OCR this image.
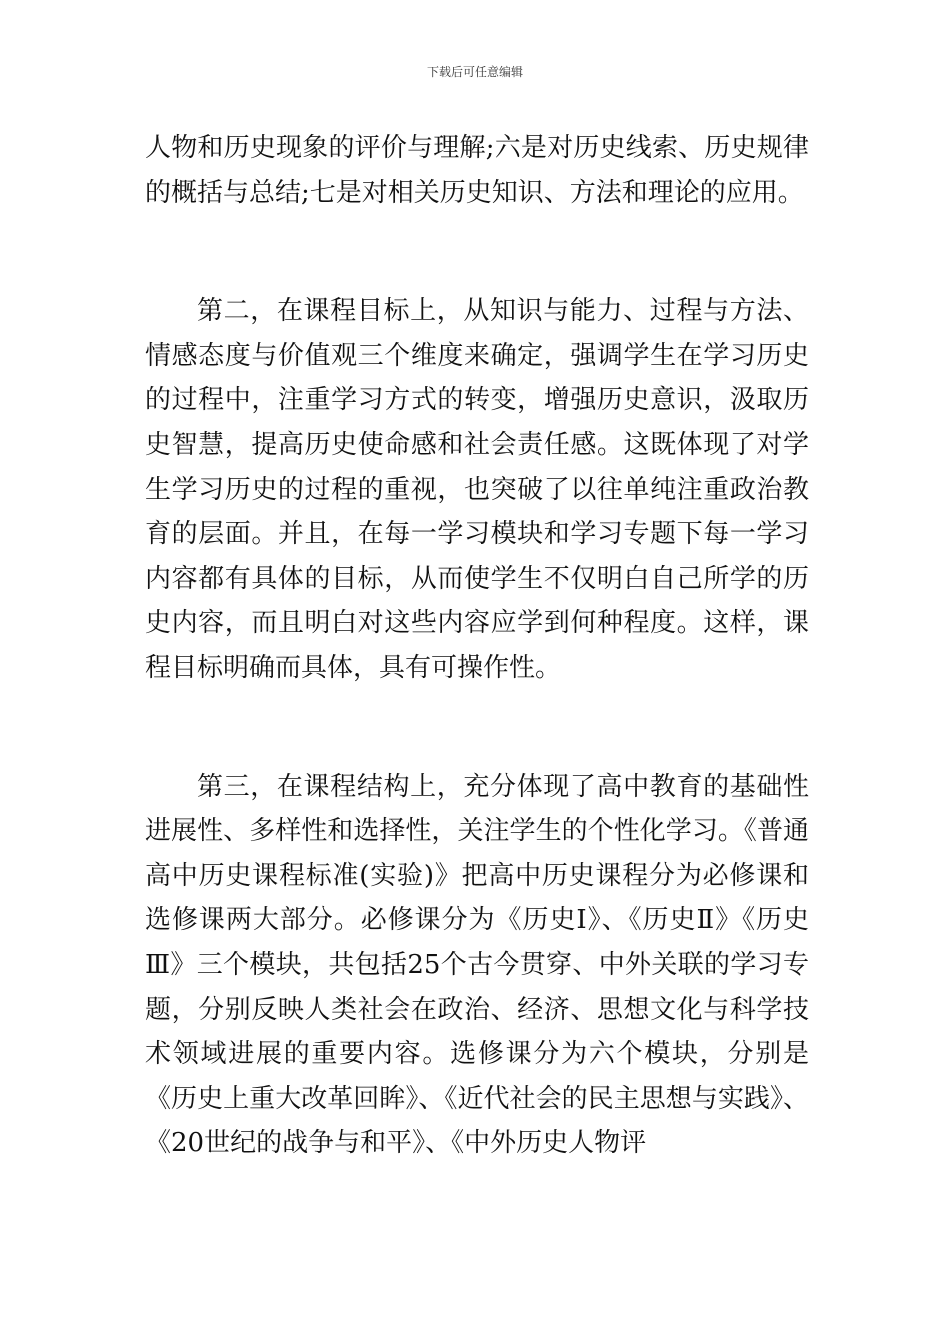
下载后可任意编辑

人物和历史现象的评价与理解;六是对历史线索、历史规律的概括与总结;七是对相关历史知识、方法和理论的应用。

第二，在课程目标上，从知识与能力、过程与方法、情感态度与价值观三个维度来确定，强调学生在学习历史的过程中，注重学习方式的转变，增强历史意识，汲取历史智慧，提高历史使命感和社会责任感。这既体现了对学生学习历史的过程的重视，也突破了以往单纯注重政治教育的层面。并且，在每一学习模块和学习专题下每一学习内容都有具体的目标，从而使学生不仅明白自己所学的历史内容，而且明白对这些内容应学到何种程度。这样，课程目标明确而具体，具有可操作性。

第三，在课程结构上，充分体现了高中教育的基础性进展性、多样性和选择性，关注学生的个性化学习。《普通高中历史课程标准(实验)》把高中历史课程分为必修课和选修课两大部分。必修课分为《历史Ⅰ》、《历史Ⅱ》《历史Ⅲ》三个模块，共包括25个古今贯穿、中外关联的学习专题，分别反映人类社会在政治、经济、思想文化与科学技术领域进展的重要内容。选修课分为六个模块，分别是《历史上重大改革回眸》、《近代社会的民主思想与实践》、《20世纪的战争与和平》、《中外历史人物评
